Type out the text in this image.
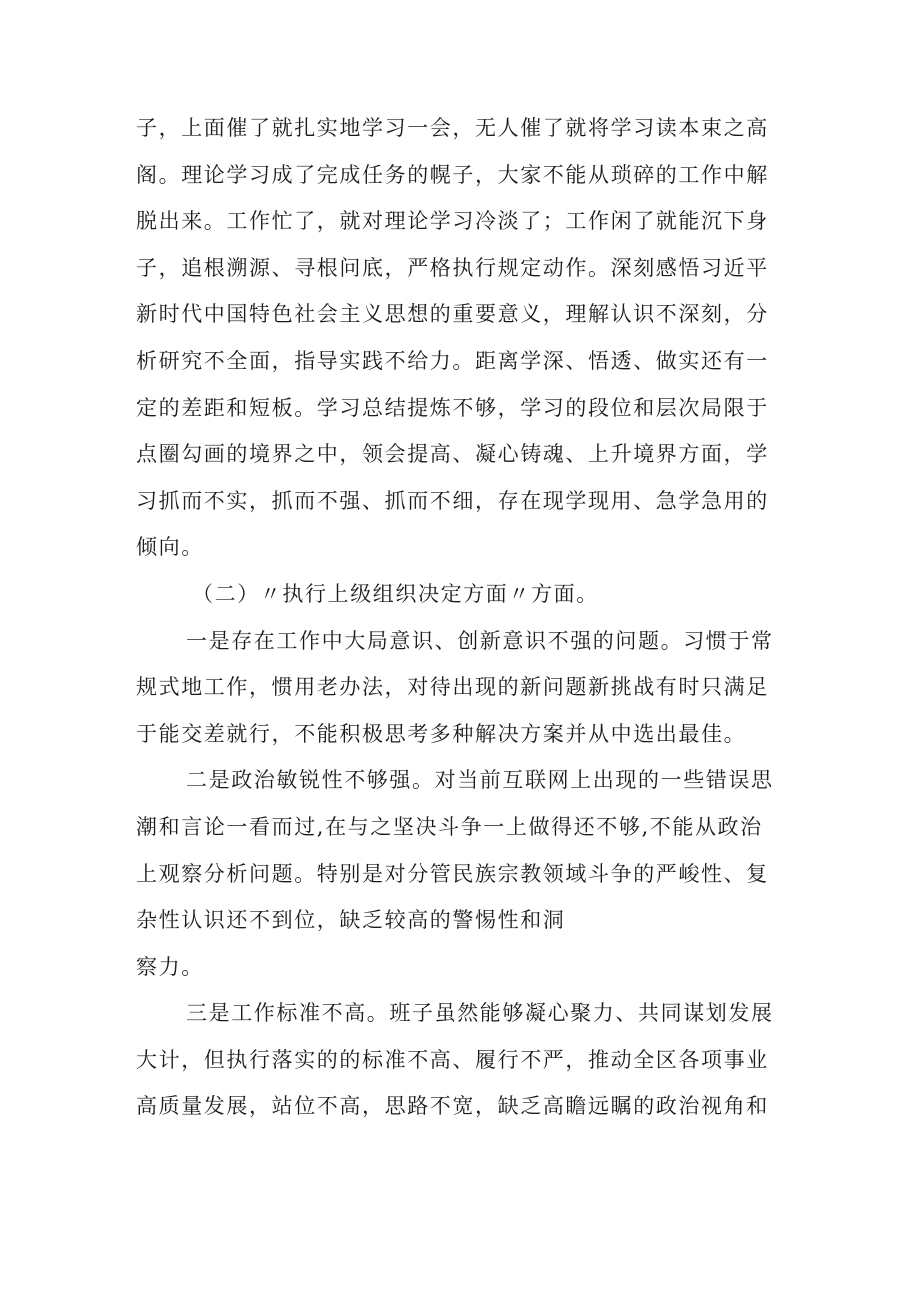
子，上面催了就扎实地学习一会，无人催了就将学习读本束之高
阁。理论学习成了完成任务的幌子，大家不能从琐碎的工作中解
脱出来。工作忙了，就对理论学习冷淡了；工作闲了就能沉下身
子，追根溯源、寻根问底，严格执行规定动作。深刻感悟习近平
新时代中国特色社会主义思想的重要意义，理解认识不深刻，分
析研究不全面，指导实践不给力。距离学深、悟透、做实还有一
定的差距和短板。学习总结提炼不够，学习的段位和层次局限于
点圈勾画的境界之中，领会提高、凝心铸魂、上升境界方面，学
习抓而不实，抓而不强、抓而不细，存在现学现用、急学急用的
倾向。
（二）〃执行上级组织决定方面〃方面。
一是存在工作中大局意识、创新意识不强的问题。习惯于常
规式地工作，惯用老办法，对待出现的新问题新挑战有时只满足
于能交差就行，不能积极思考多种解决方案并从中选出最佳。
二是政治敏锐性不够强。对当前互联网上出现的一些错误思
潮和言论一看而过,在与之坚决斗争一上做得还不够,不能从政治
上观察分析问题。特别是对分管民族宗教领域斗争的严峻性、复
杂性认识还不到位，缺乏较高的警惕性和洞
察力。
三是工作标准不高。班子虽然能够凝心聚力、共同谋划发展
大计，但执行落实的的标准不高、履行不严，推动全区各项事业
高质量发展，站位不高，思路不宽，缺乏高瞻远瞩的政治视角和
